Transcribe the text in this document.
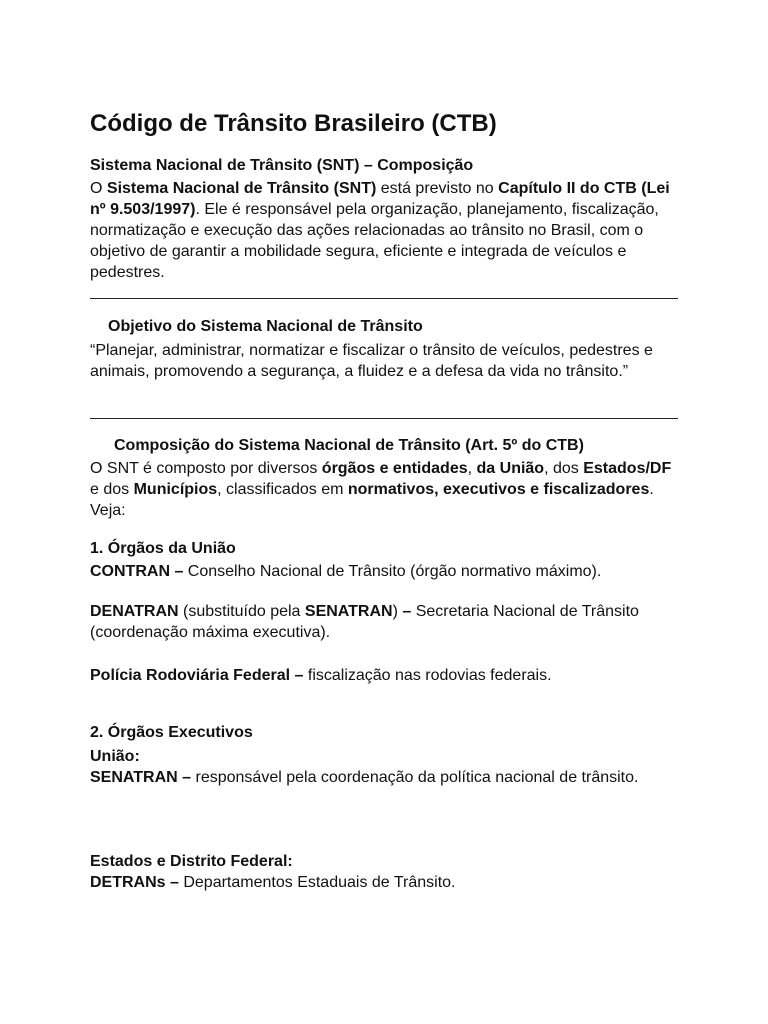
Código de Trânsito Brasileiro (CTB)
Sistema Nacional de Trânsito (SNT) – Composição

O Sistema Nacional de Trânsito (SNT) está previsto no Capítulo II do CTB (Lei nº 9.503/1997). Ele é responsável pela organização, planejamento, fiscalização, normatização e execução das ações relacionadas ao trânsito no Brasil, com o objetivo de garantir a mobilidade segura, eficiente e integrada de veículos e pedestres.

Objetivo do Sistema Nacional de Trânsito

“Planejar, administrar, normatizar e fiscalizar o trânsito de veículos, pedestres e animais, promovendo a segurança, a fluidez e a defesa da vida no trânsito.”

Composição do Sistema Nacional de Trânsito (Art. 5º do CTB)

O SNT é composto por diversos órgãos e entidades, da União, dos Estados/DF e dos Municípios, classificados em normativos, executivos e fiscalizadores. Veja:

1. Órgãos da União

CONTRAN – Conselho Nacional de Trânsito (órgão normativo máximo).

DENATRAN (substituído pela SENATRAN) – Secretaria Nacional de Trânsito (coordenação máxima executiva).

Polícia Rodoviária Federal – fiscalização nas rodovias federais.

2. Órgãos Executivos
União:

SENATRAN – responsável pela coordenação da política nacional de trânsito.

Estados e Distrito Federal:

DETRANs – Departamentos Estaduais de Trânsito.
